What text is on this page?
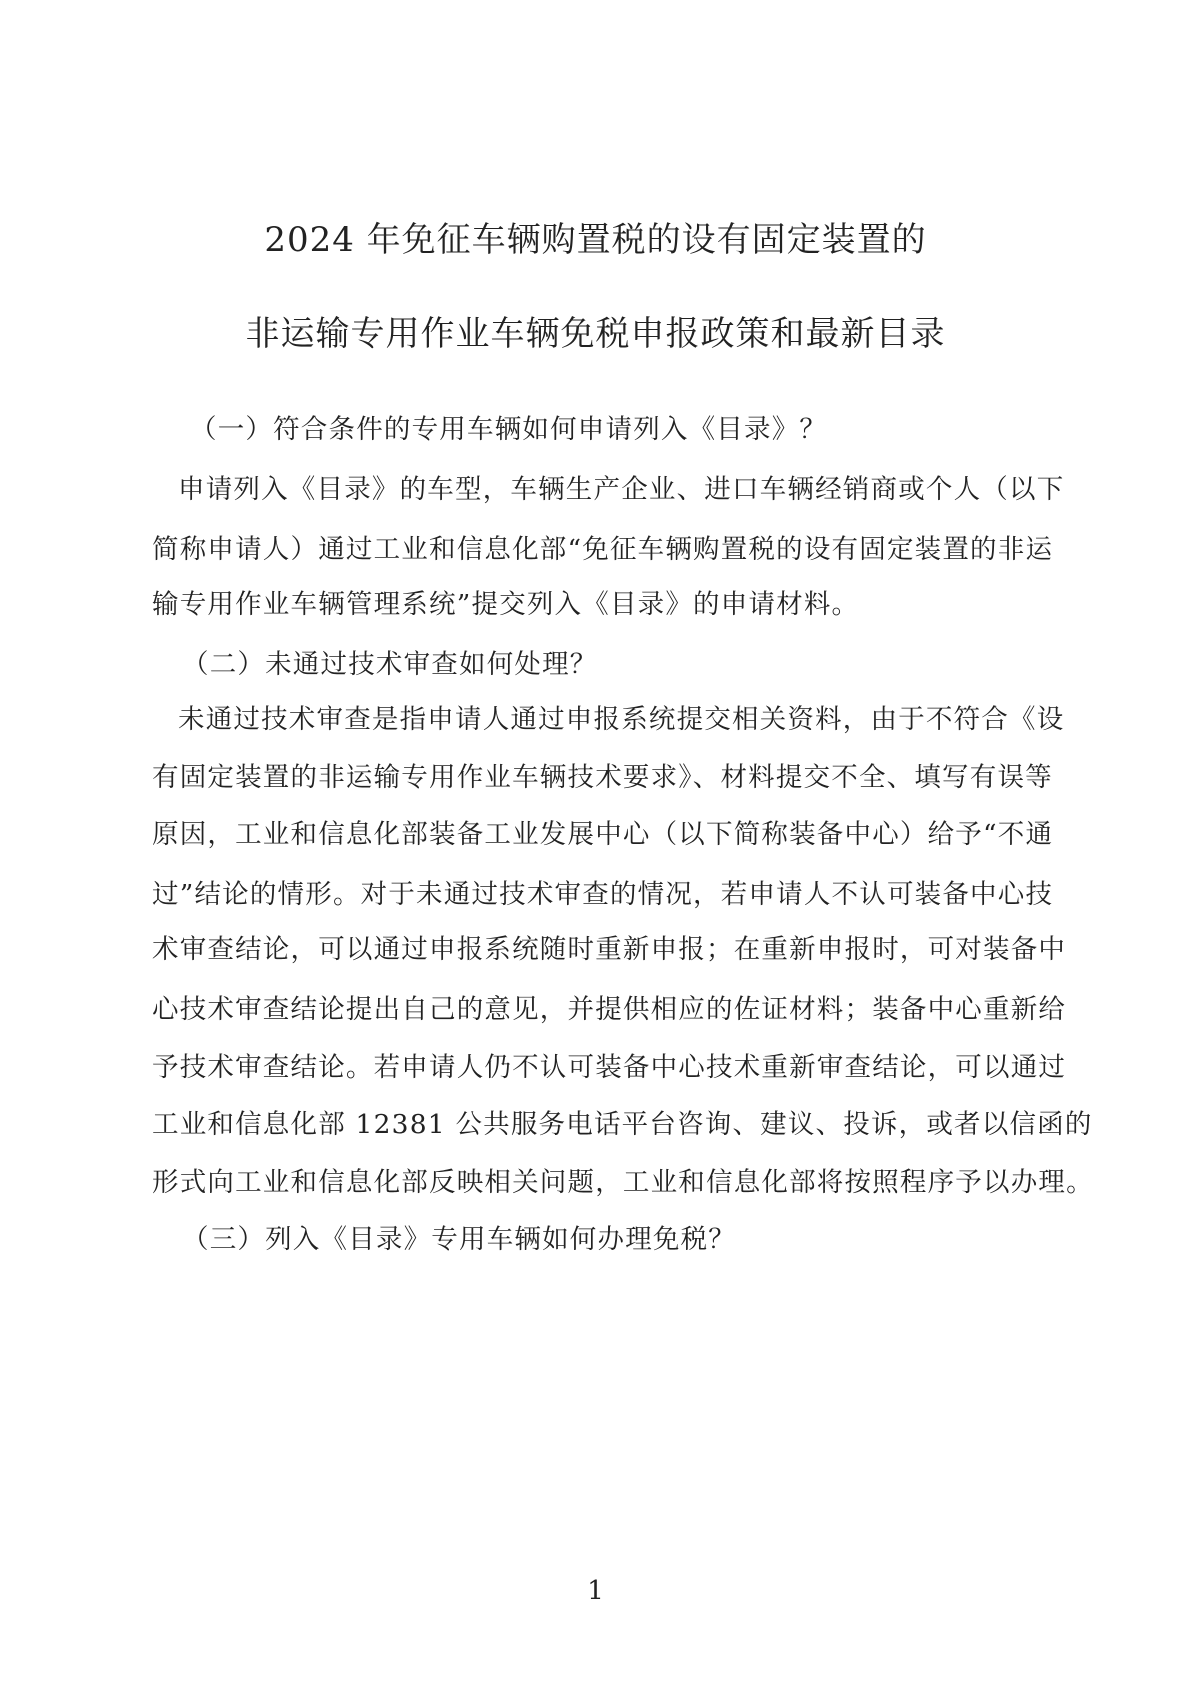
2024 年免征车辆购置税的设有固定装置的
非运输专用作业车辆免税申报政策和最新目录
（一）符合条件的专用车辆如何申请列入《目录》？
申请列入《目录》的车型，车辆生产企业、进口车辆经销商或个人（以下
简称申请人）通过工业和信息化部“免征车辆购置税的设有固定装置的非运
输专用作业车辆管理系统”提交列入《目录》的申请材料。
（二）未通过技术审查如何处理？
未通过技术审查是指申请人通过申报系统提交相关资料，由于不符合《设
有固定装置的非运输专用作业车辆技术要求》、材料提交不全、填写有误等
原因，工业和信息化部装备工业发展中心（以下简称装备中心）给予“不通
过”结论的情形。对于未通过技术审查的情况，若申请人不认可装备中心技
术审查结论，可以通过申报系统随时重新申报；在重新申报时，可对装备中
心技术审查结论提出自己的意见，并提供相应的佐证材料；装备中心重新给
予技术审查结论。若申请人仍不认可装备中心技术重新审查结论，可以通过
工业和信息化部 12381 公共服务电话平台咨询、建议、投诉，或者以信函的
形式向工业和信息化部反映相关问题，工业和信息化部将按照程序予以办理。
（三）列入《目录》专用车辆如何办理免税？
1
